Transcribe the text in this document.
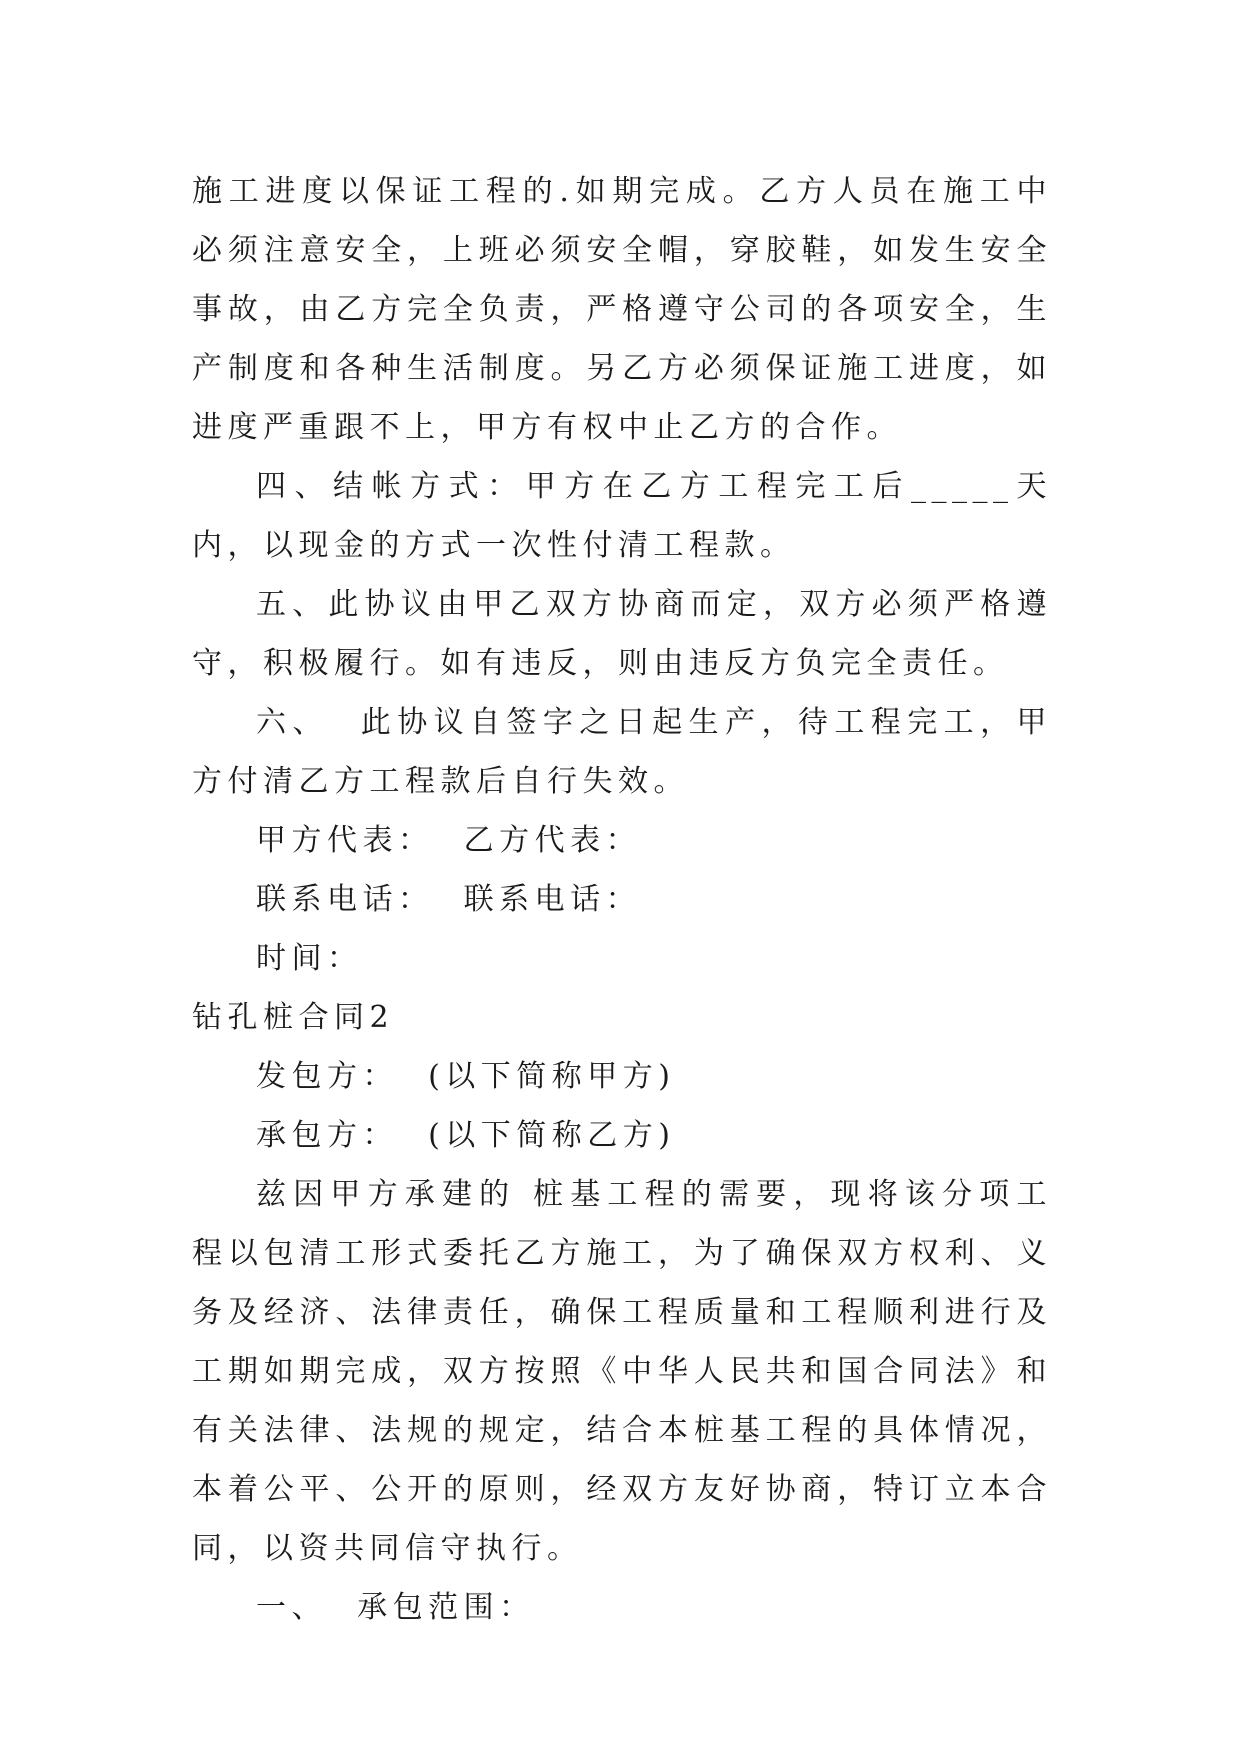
施工进度以保证工程的.如期完成。乙方人员在施工中必须注意安全，上班必须安全帽，穿胶鞋，如发生安全事故，由乙方完全负责，严格遵守公司的各项安全，生产制度和各种生活制度。另乙方必须保证施工进度，如进度严重跟不上，甲方有权中止乙方的合作。

四、结帐方式：甲方在乙方工程完工后_____天内，以现金的方式一次性付清工程款。

五、此协议由甲乙双方协商而定，双方必须严格遵守，积极履行。如有违反，则由违反方负完全责任。

六、  此协议自签字之日起生产，待工程完工，甲方付清乙方工程款后自行失效。

甲方代表：  乙方代表：

联系电话：  联系电话：

时间：

钻孔桩合同2

发包方：  (以下简称甲方)

承包方：  (以下简称乙方)

兹因甲方承建的 桩基工程的需要，现将该分项工程以包清工形式委托乙方施工，为了确保双方权利、义务及经济、法律责任，确保工程质量和工程顺利进行及工期如期完成，双方按照《中华人民共和国合同法》和有关法律、法规的规定，结合本桩基工程的具体情况，本着公平、公开的原则，经双方友好协商，特订立本合同，以资共同信守执行。

一、  承包范围：
